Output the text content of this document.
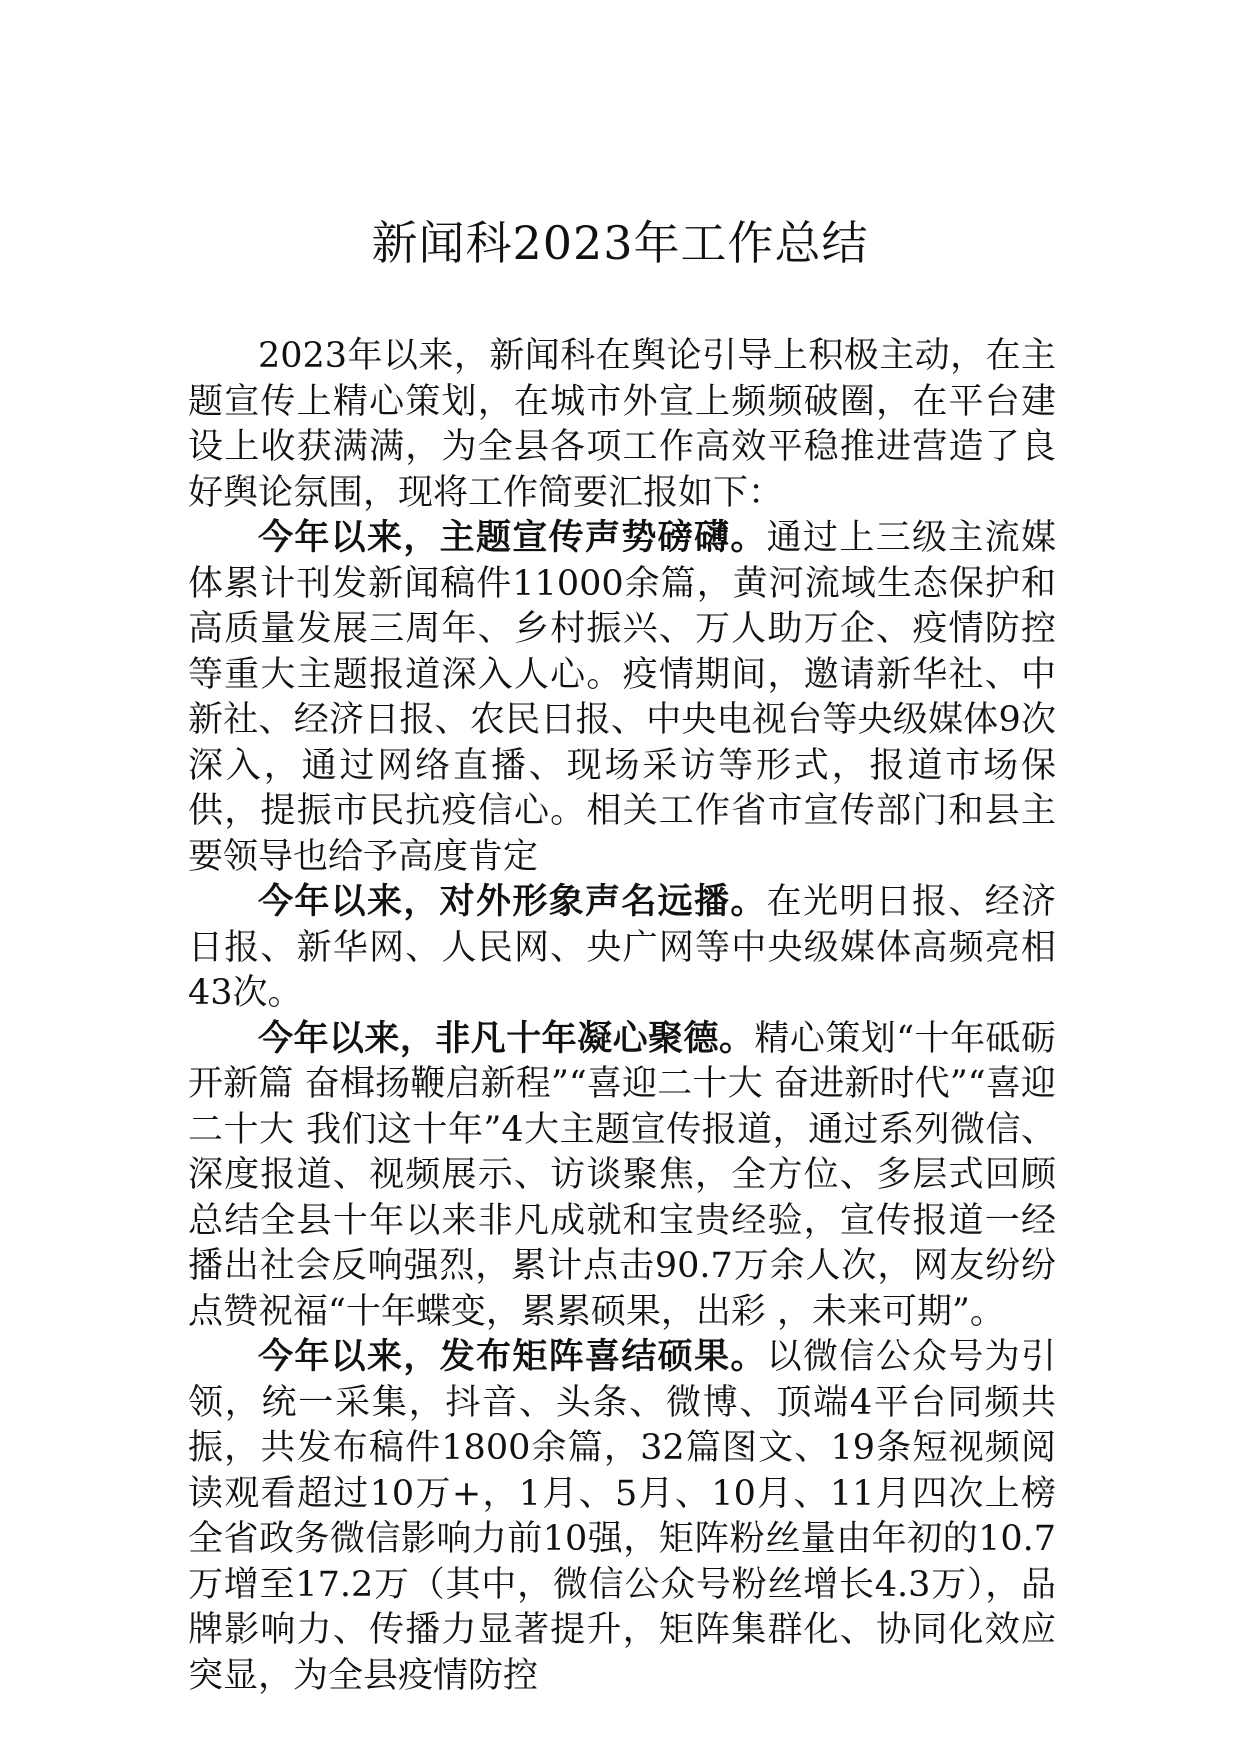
新闻科2023年工作总结

2023年以来，新闻科在舆论引导上积极主动，在主题宣传上精心策划，在城市外宣上频频破圈，在平台建设上收获满满，为全县各项工作高效平稳推进营造了良好舆论氛围，现将工作简要汇报如下：

今年以来，主题宣传声势磅礴。通过上三级主流媒体累计刊发新闻稿件11000余篇，黄河流域生态保护和高质量发展三周年、乡村振兴、万人助万企、疫情防控等重大主题报道深入人心。疫情期间，邀请新华社、中新社、经济日报、农民日报、中央电视台等央级媒体9次深入，通过网络直播、现场采访等形式，报道市场保供，提振市民抗疫信心。相关工作省市宣传部门和县主要领导也给予高度肯定

今年以来，对外形象声名远播。在光明日报、经济日报、新华网、人民网、央广网等中央级媒体高频亮相43次。

今年以来，非凡十年凝心聚德。精心策划“十年砥砺开新篇 奋楫扬鞭启新程”“喜迎二十大 奋进新时代”“喜迎二十大 我们这十年”4大主题宣传报道，通过系列微信、深度报道、视频展示、访谈聚焦，全方位、多层式回顾总结全县十年以来非凡成就和宝贵经验，宣传报道一经播出社会反响强烈，累计点击90.7万余人次，网友纷纷点赞祝福“十年蝶变，累累硕果，出彩 ，未来可期”。

今年以来，发布矩阵喜结硕果。以微信公众号为引领，统一采集，抖音、头条、微博、顶端4平台同频共振，共发布稿件1800余篇，32篇图文、19条短视频阅读观看超过10万+，1月、5月、10月、11月四次上榜全省政务微信影响力前10强，矩阵粉丝量由年初的10.7万增至17.2万（其中，微信公众号粉丝增长4.3万），品牌影响力、传播力显著提升，矩阵集群化、协同化效应突显，为全县疫情防控
